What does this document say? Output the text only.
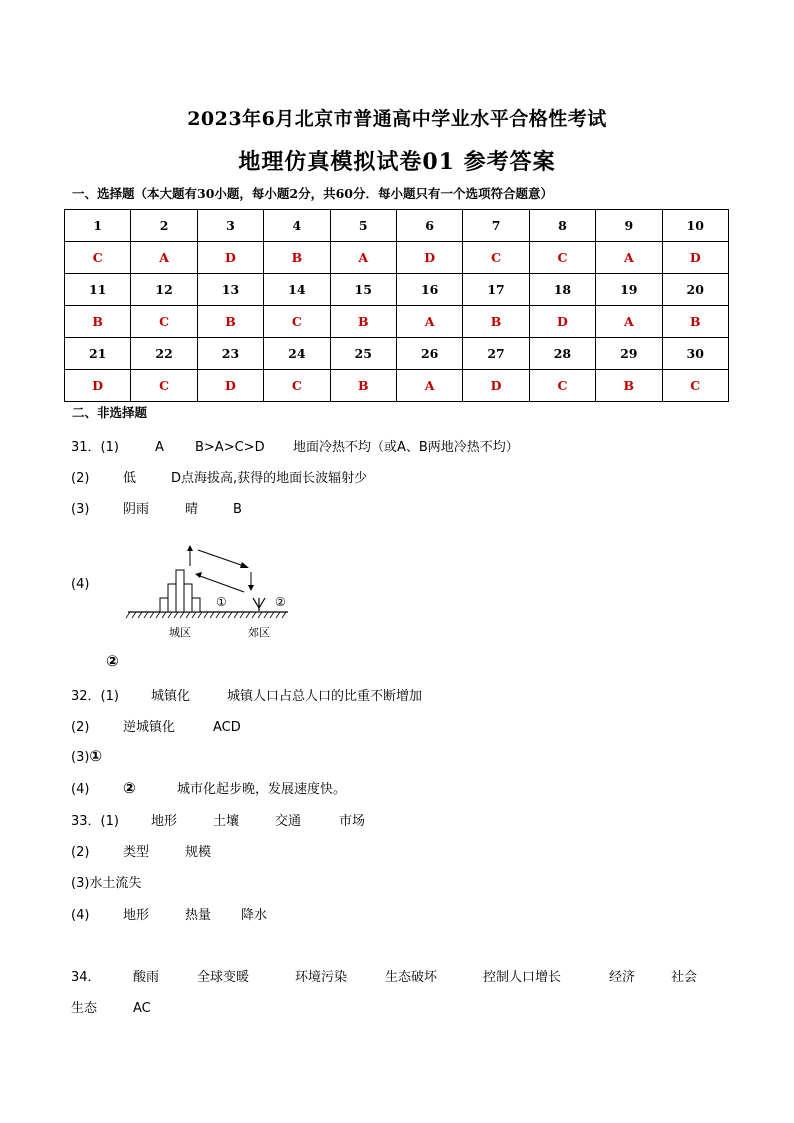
2023年6月北京市普通高中学业水平合格性考试
地理仿真模拟试卷01 参考答案
一、选择题（本大题有30小题，每小题2分，共60分．每小题只有一个选项符合题意）
1	2	3	4	5	6	7	8	9	10
C	A	D	B	A	D	C	C	A	D
11	12	13	14	15	16	17	18	19	20
B	C	B	C	B	A	B	D	A	B
21	22	23	24	25	26	27	28	29	30
D	C	D	C	B	A	D	C	B	C
二、非选择题
31．(1)	A B>A>C>D 地面冷热不均（或A、B两地冷热不均）
(2)	低	D点海拔高,获得的地面长波辐射少
(3)	阴雨	晴	B
(4)
①	②
城区	郊区
②
32．(1) 城镇化	城镇人口占总人口的比重不断增加
(2)	逆城镇化	ACD
(3)①
(4) ②	城市化起步晚，发展速度快。
33．(1) 地形	土壤	交通	市场
(2)	类型	规模
(3)水土流失
(4)	地形	热量 降水
34． 酸雨	全球变暖	环境污染	生态破坏	控制人口增长	经济	社会
生态	AC
